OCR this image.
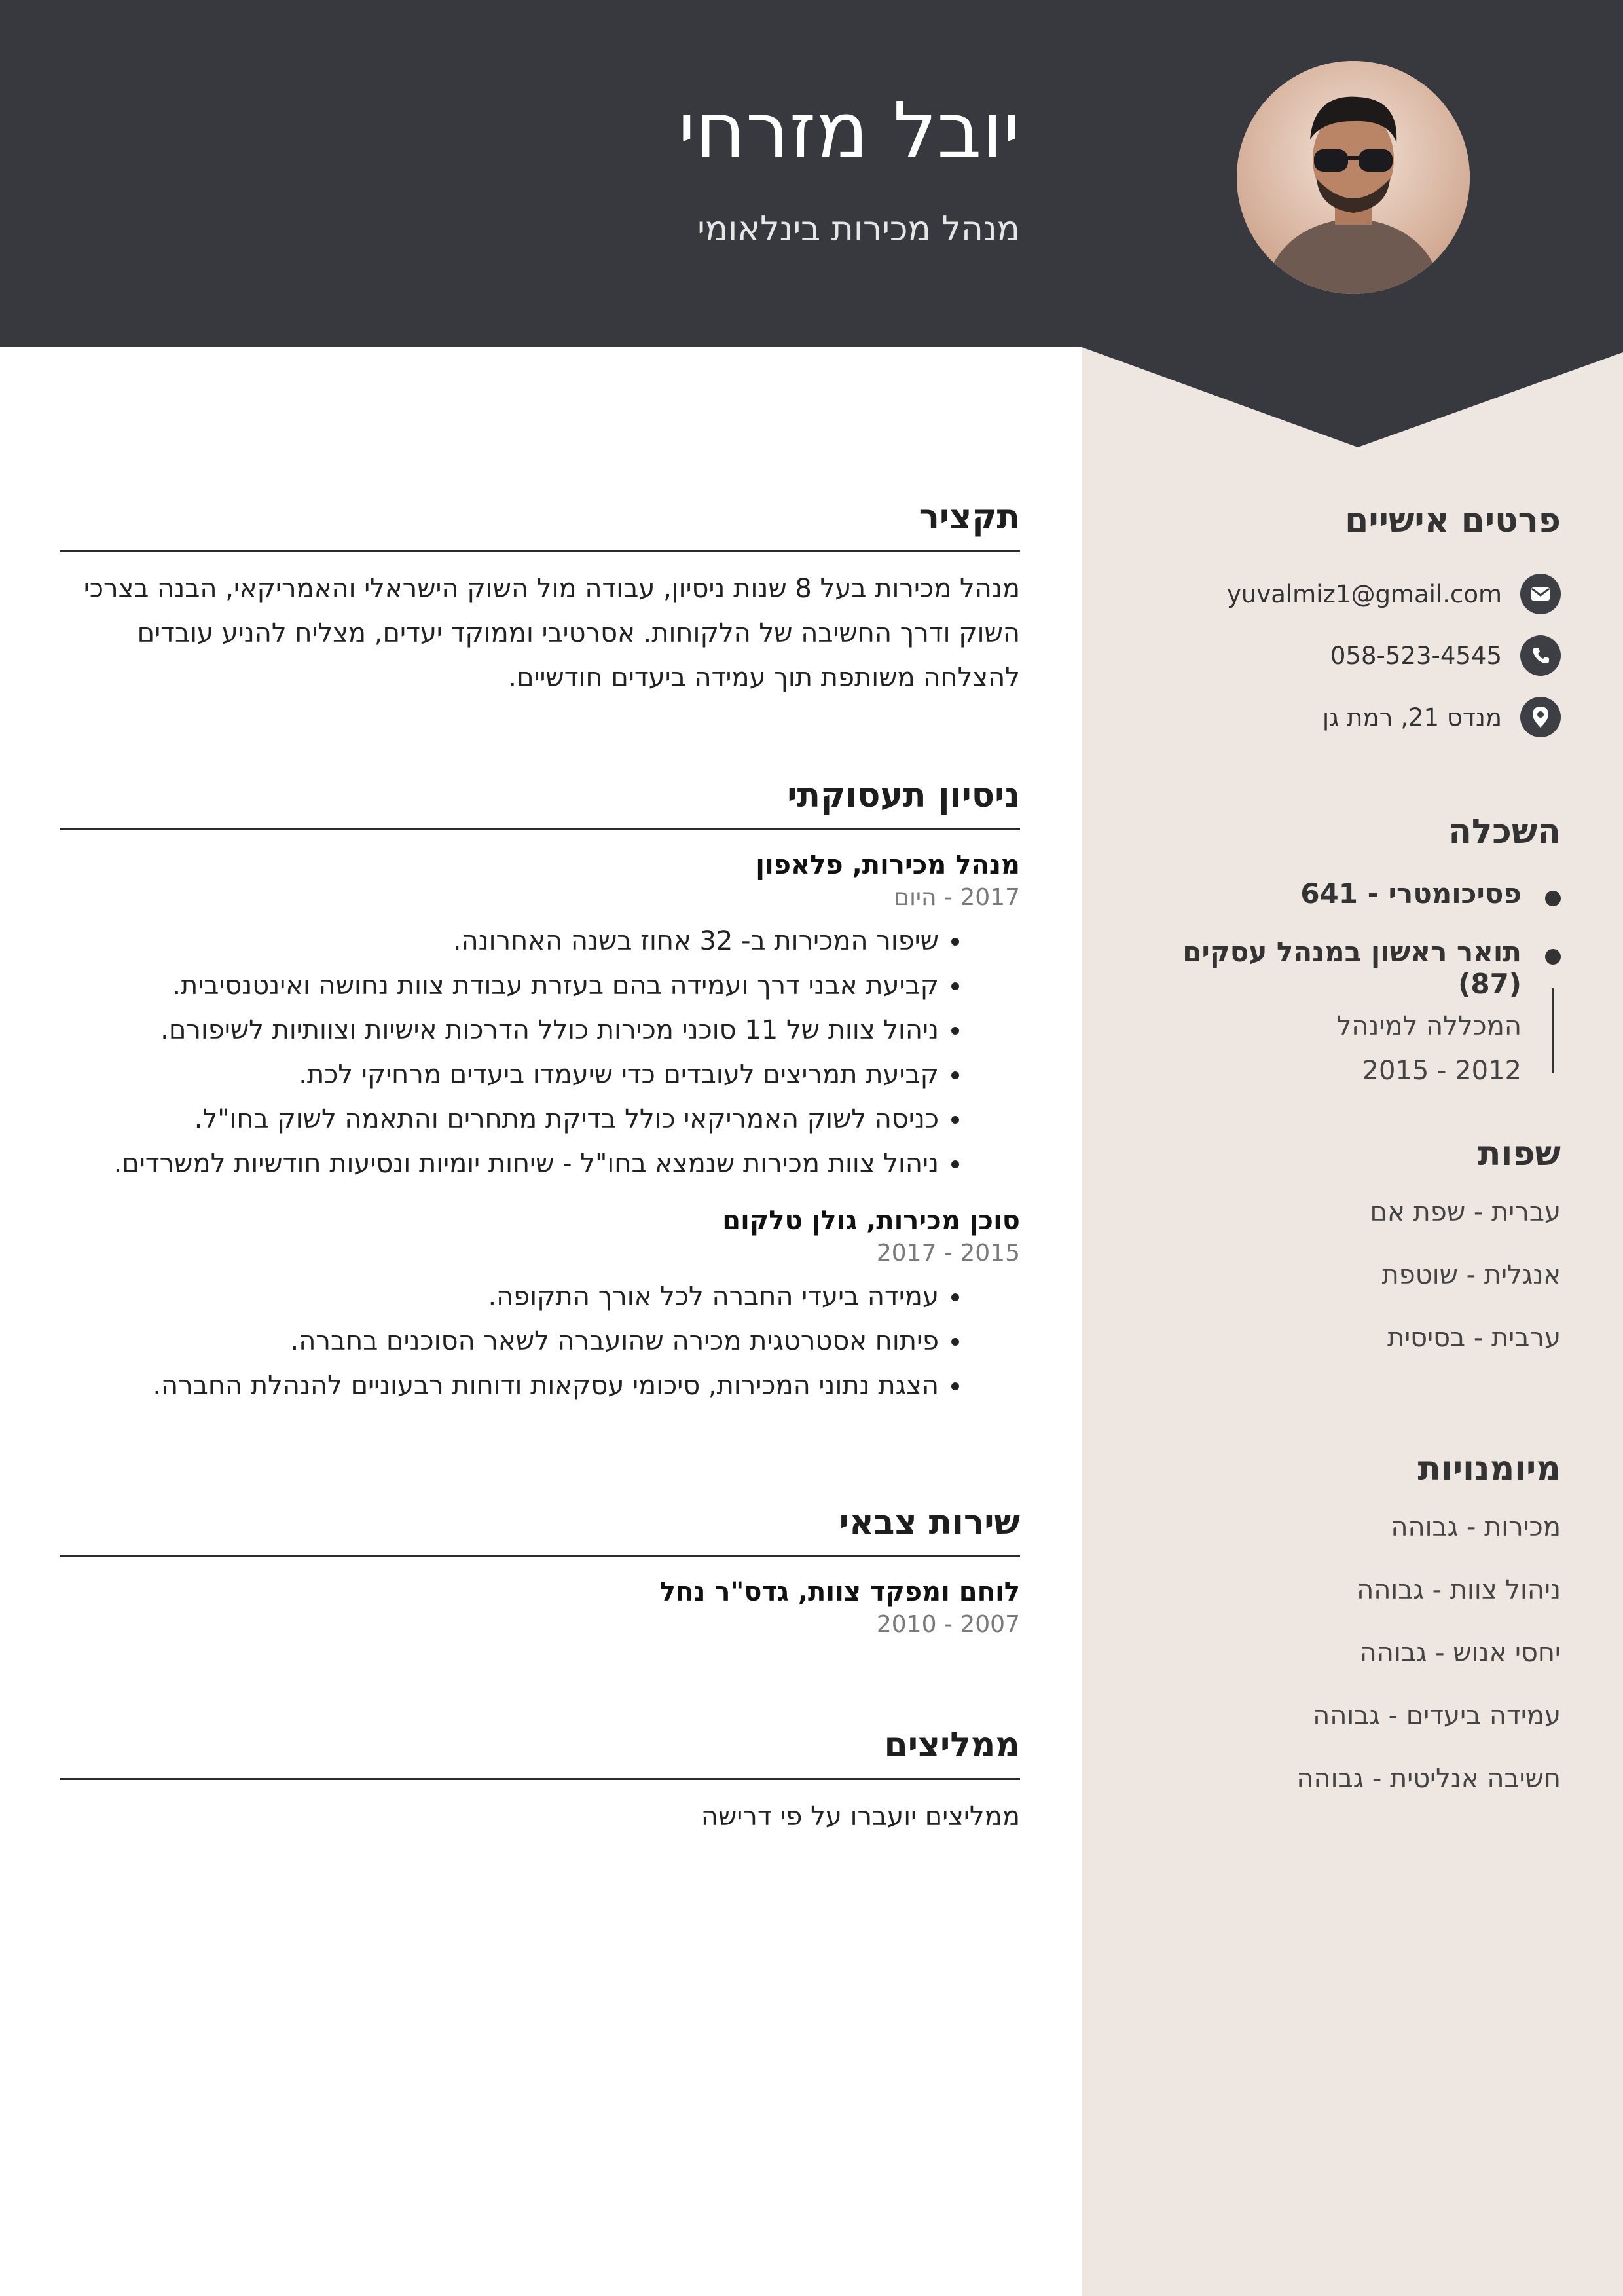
יובל מזרחי
מנהל מכירות בינלאומי
תקציר
מנהל מכירות בעל 8 שנות ניסיון, עבודה מול השוק הישראלי והאמריקאי, הבנה בצרכי
השוק ודרך החשיבה של הלקוחות. אסרטיבי וממוקד יעדים, מצליח להניע עובדים
להצלחה משותפת תוך עמידה ביעדים חודשיים.
ניסיון תעסוקתי
מנהל מכירות, פלאפון
2017 - היום
• שיפור המכירות ב- 32 אחוז בשנה האחרונה.
• קביעת אבני דרך ועמידה בהם בעזרת עבודת צוות נחושה ואינטנסיבית.
• ניהול צוות של 11 סוכני מכירות כולל הדרכות אישיות וצוותיות לשיפורם.
• קביעת תמריצים לעובדים כדי שיעמדו ביעדים מרחיקי לכת.
• כניסה לשוק האמריקאי כולל בדיקת מתחרים והתאמה לשוק בחו"ל.
• ניהול צוות מכירות שנמצא בחו"ל - שיחות יומיות ונסיעות חודשיות למשרדים.
סוכן מכירות, גולן טלקום
2015 - 2017
• עמידה ביעדי החברה לכל אורך התקופה.
• פיתוח אסטרטגית מכירה שהועברה לשאר הסוכנים בחברה.
• הצגת נתוני המכירות, סיכומי עסקאות ודוחות רבעוניים להנהלת החברה.
שירות צבאי
לוחם ומפקד צוות, גדס"ר נחל
2007 - 2010
ממליצים
ממליצים יועברו על פי דרישה
פרטים אישיים
yuvalmiz1@gmail.com
058-523-4545
מנדס 21, רמת גן
השכלה
פסיכומטרי - 641
תואר ראשון במנהל עסקים (87)
המכללה למינהל
2012 - 2015
שפות
עברית - שפת אם
אנגלית - שוטפת
ערבית - בסיסית
מיומנויות
מכירות - גבוהה
ניהול צוות - גבוהה
יחסי אנוש - גבוהה
עמידה ביעדים - גבוהה
חשיבה אנליטית - גבוהה
